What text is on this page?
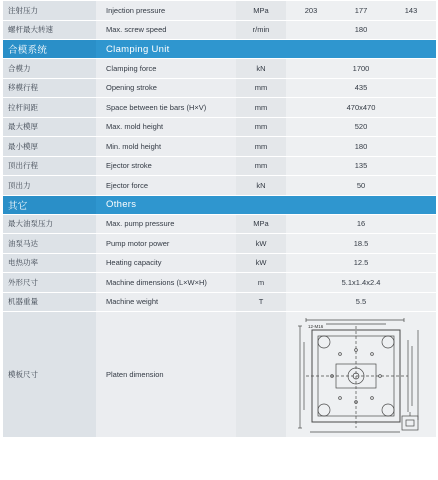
注射压力	Injection pressure	MPa	203	177	143
螺杆最大转速	Max. screw speed	r/min	180		
合模系统	Clamping Unit				
合模力	Clamping force	kN	1700		
移模行程	Opening stroke	mm	435		
拉杆间距	Space between tie bars (H×V)	mm	470x470		
最大模厚	Max. mold height	mm	520		
最小模厚	Min. mold height	mm	180		
顶出行程	Ejector stroke	mm	135		
顶出力	Ejector force	kN	50		
其它	Others				
最大油泵压力	Max. pump pressure	MPa	16		
油泵马达	Pump motor power	kW	18.5		
电热功率	Heating capacity	kW	12.5		
外形尺寸	Machine dimensions (L×W×H)	m	5.1x1.4x2.4		
机器重量	Machine weight	T	5.5		
模板尺寸	Platen dimension		12-M16		
